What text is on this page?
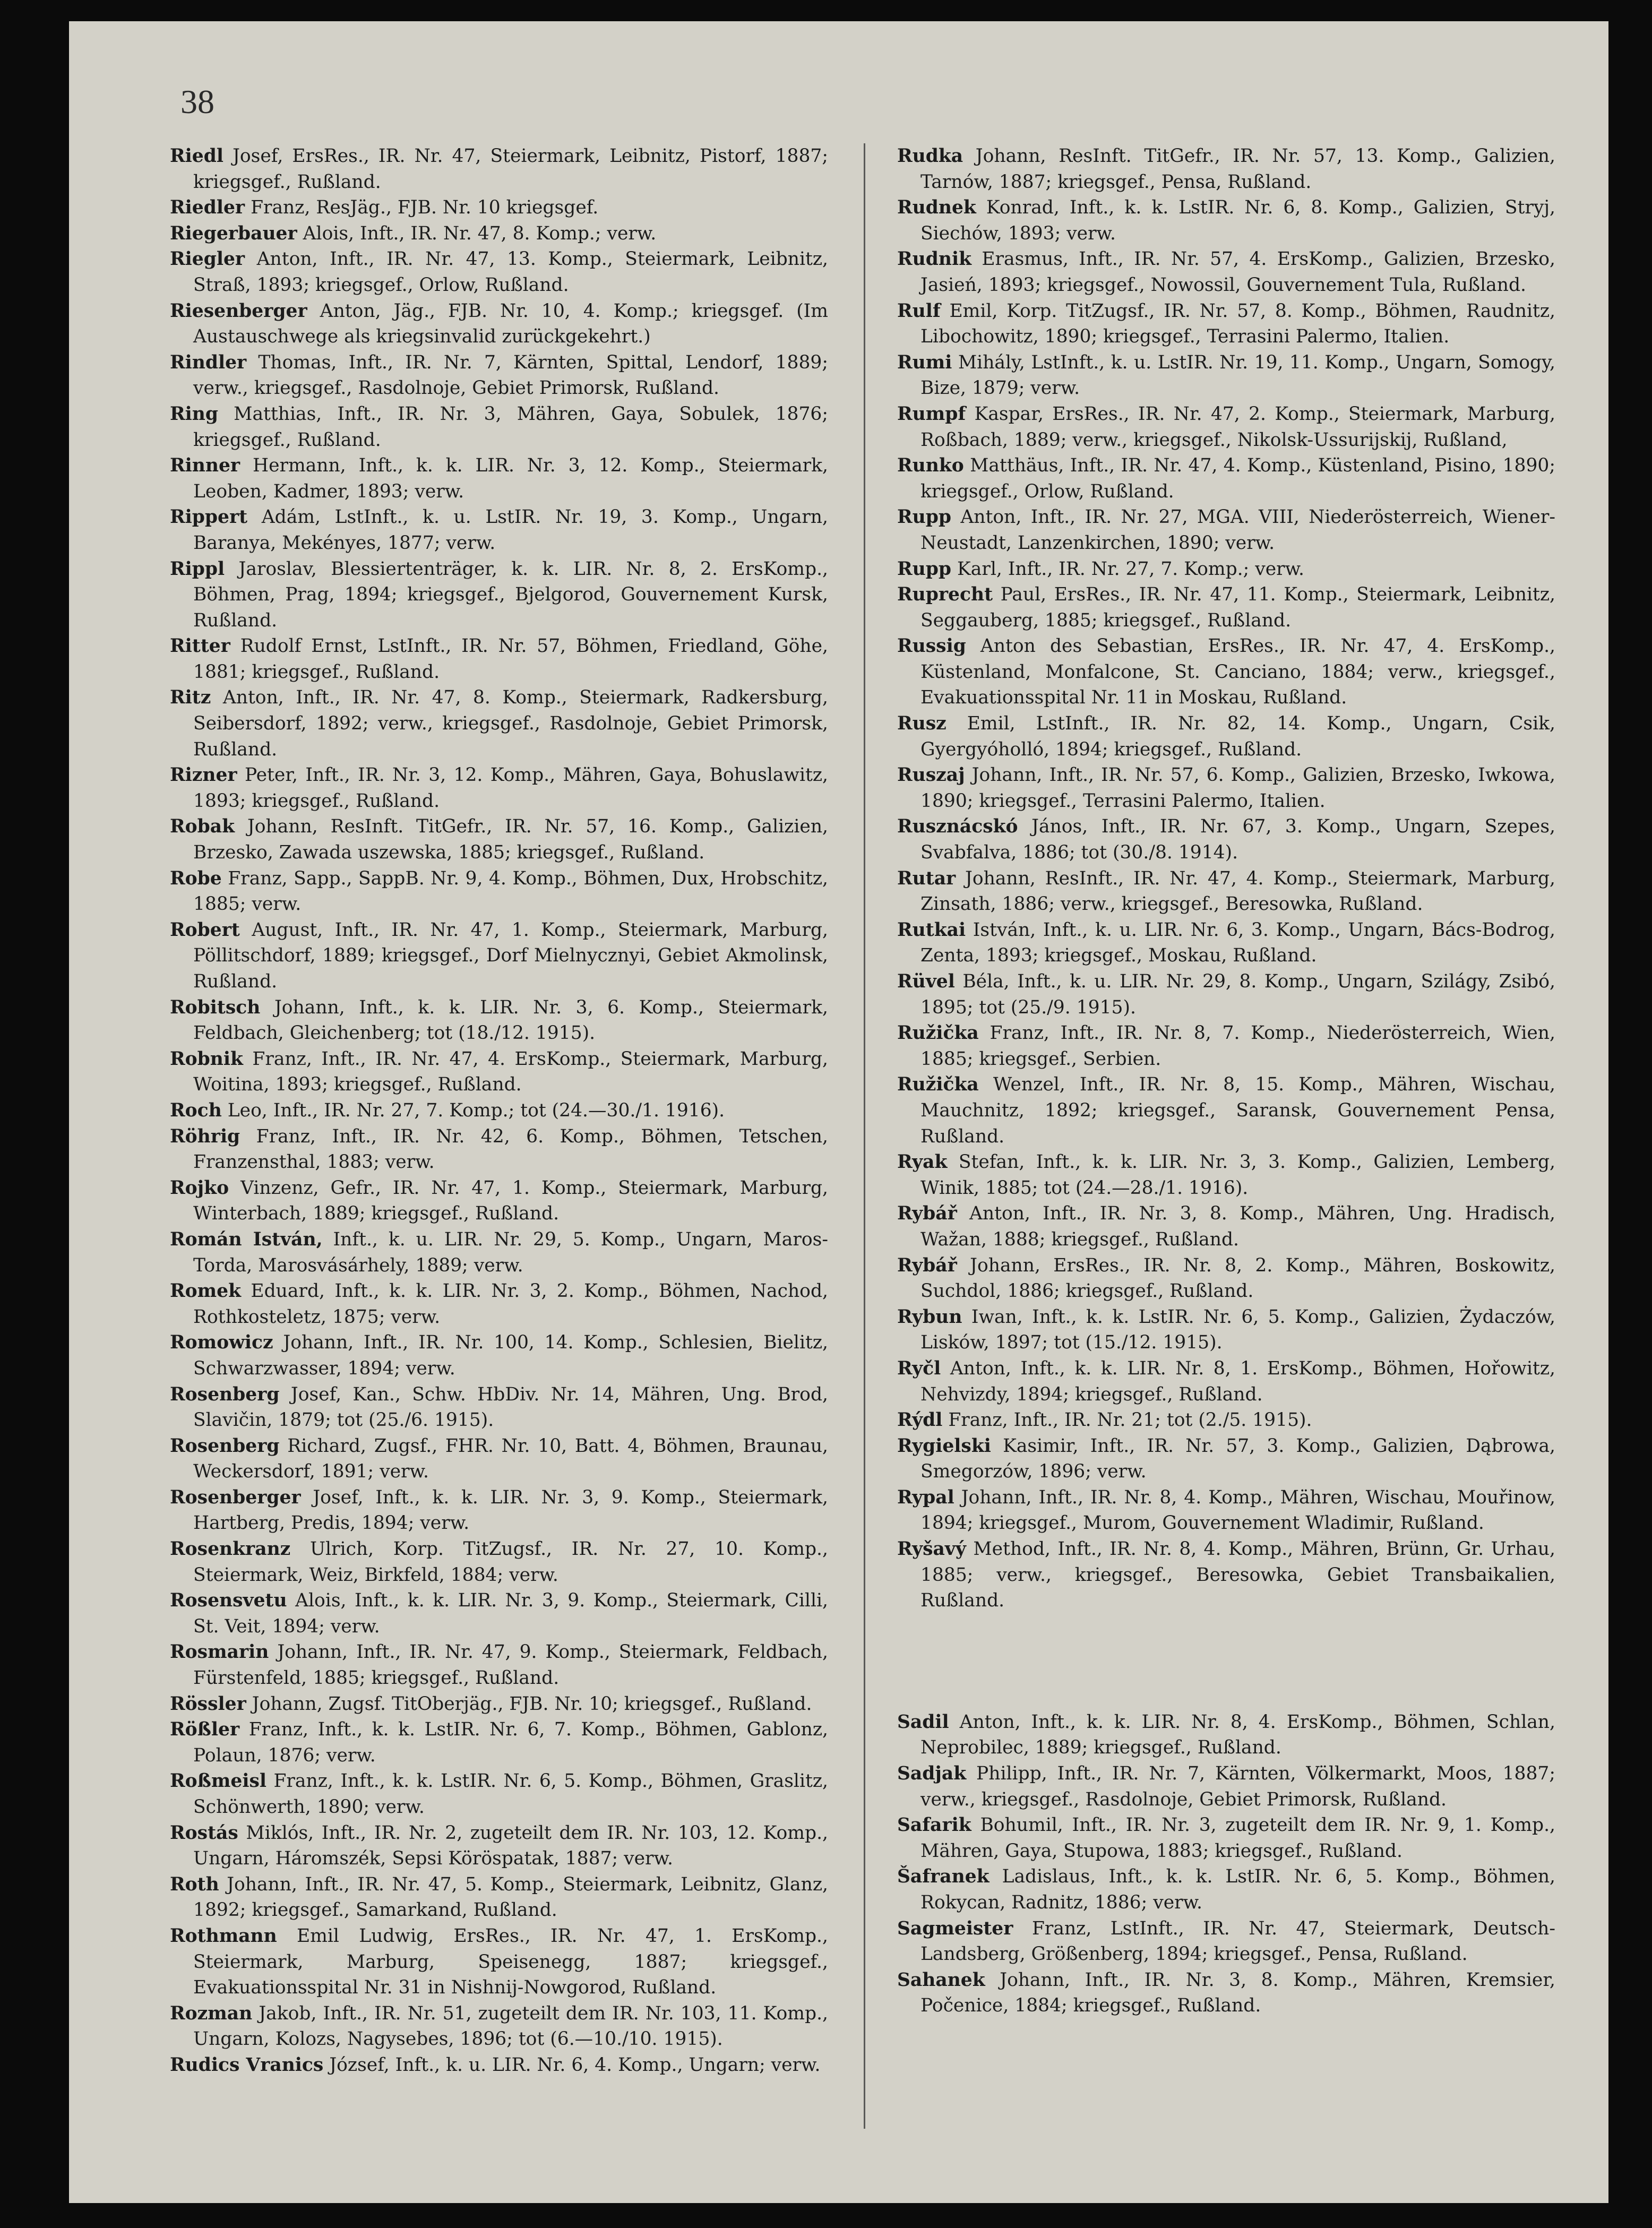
38

Riedl Josef, ErsRes., IR. Nr. 47, Steiermark, Leibnitz, Pistorf, 1887; kriegsgef., Rußland.

Riedler Franz, ResJäg., FJB. Nr. 10 kriegsgef.

Riegerbauer Alois, Inft., IR. Nr. 47, 8. Komp.; verw.

Riegler Anton, Inft., IR. Nr. 47, 13. Komp., Steiermark, Leibnitz, Straß, 1893; kriegsgef., Orlow, Rußland.

Riesenberger Anton, Jäg., FJB. Nr. 10, 4. Komp.; kriegsgef. (Im Austauschwege als kriegsinvalid zurückgekehrt.)

Rindler Thomas, Inft., IR. Nr. 7, Kärnten, Spittal, Lendorf, 1889; verw., kriegsgef., Rasdolnoje, Gebiet Primorsk, Rußland.

Ring Matthias, Inft., IR. Nr. 3, Mähren, Gaya, Sobulek, 1876; kriegsgef., Rußland.

Rinner Hermann, Inft., k. k. LIR. Nr. 3, 12. Komp., Steiermark, Leoben, Kadmer, 1893; verw.

Rippert Adám, LstInft., k. u. LstIR. Nr. 19, 3. Komp., Ungarn, Baranya, Mekényes, 1877; verw.

Rippl Jaroslav, Blessiertenträger, k. k. LIR. Nr. 8, 2. ErsKomp., Böhmen, Prag, 1894; kriegsgef., Bjelgorod, Gouvernement Kursk, Rußland.

Ritter Rudolf Ernst, LstInft., IR. Nr. 57, Böhmen, Friedland, Göhe, 1881; kriegsgef., Rußland.

Ritz Anton, Inft., IR. Nr. 47, 8. Komp., Steiermark, Radkersburg, Seibersdorf, 1892; verw., kriegsgef., Rasdolnoje, Gebiet Primorsk, Rußland.

Rizner Peter, Inft., IR. Nr. 3, 12. Komp., Mähren, Gaya, Bohuslawitz, 1893; kriegsgef., Rußland.

Robak Johann, ResInft. TitGefr., IR. Nr. 57, 16. Komp., Galizien, Brzesko, Zawada uszewska, 1885; kriegsgef., Rußland.

Robe Franz, Sapp., SappB. Nr. 9, 4. Komp., Böhmen, Dux, Hrobschitz, 1885; verw.

Robert August, Inft., IR. Nr. 47, 1. Komp., Steiermark, Marburg, Pöllitschdorf, 1889; kriegsgef., Dorf Mielnycznyi, Gebiet Akmolinsk, Rußland.

Robitsch Johann, Inft., k. k. LIR. Nr. 3, 6. Komp., Steiermark, Feldbach, Gleichenberg; tot (18./12. 1915).

Robnik Franz, Inft., IR. Nr. 47, 4. ErsKomp., Steiermark, Marburg, Woitina, 1893; kriegsgef., Rußland.

Roch Leo, Inft., IR. Nr. 27, 7. Komp.; tot (24.—30./1. 1916).

Röhrig Franz, Inft., IR. Nr. 42, 6. Komp., Böhmen, Tetschen, Franzensthal, 1883; verw.

Rojko Vinzenz, Gefr., IR. Nr. 47, 1. Komp., Steiermark, Marburg, Winterbach, 1889; kriegsgef., Rußland.

Román István, Inft., k. u. LIR. Nr. 29, 5. Komp., Ungarn, Maros-Torda, Marosvásárhely, 1889; verw.

Romek Eduard, Inft., k. k. LIR. Nr. 3, 2. Komp., Böhmen, Nachod, Rothkosteletz, 1875; verw.

Romowicz Johann, Inft., IR. Nr. 100, 14. Komp., Schlesien, Bielitz, Schwarzwasser, 1894; verw.

Rosenberg Josef, Kan., Schw. HbDiv. Nr. 14, Mähren, Ung. Brod, Slavičin, 1879; tot (25./6. 1915).

Rosenberg Richard, Zugsf., FHR. Nr. 10, Batt. 4, Böhmen, Braunau, Weckersdorf, 1891; verw.

Rosenberger Josef, Inft., k. k. LIR. Nr. 3, 9. Komp., Steiermark, Hartberg, Predis, 1894; verw.

Rosenkranz Ulrich, Korp. TitZugsf., IR. Nr. 27, 10. Komp., Steiermark, Weiz, Birkfeld, 1884; verw.

Rosensvetu Alois, Inft., k. k. LIR. Nr. 3, 9. Komp., Steiermark, Cilli, St. Veit, 1894; verw.

Rosmarin Johann, Inft., IR. Nr. 47, 9. Komp., Steiermark, Feldbach, Fürstenfeld, 1885; kriegsgef., Rußland.

Rössler Johann, Zugsf. TitOberjäg., FJB. Nr. 10; kriegsgef., Rußland.

Rößler Franz, Inft., k. k. LstIR. Nr. 6, 7. Komp., Böhmen, Gablonz, Polaun, 1876; verw.

Roßmeisl Franz, Inft., k. k. LstIR. Nr. 6, 5. Komp., Böhmen, Graslitz, Schönwerth, 1890; verw.

Rostás Miklós, Inft., IR. Nr. 2, zugeteilt dem IR. Nr. 103, 12. Komp., Ungarn, Háromszék, Sepsi Köröspatak, 1887; verw.

Roth Johann, Inft., IR. Nr. 47, 5. Komp., Steiermark, Leibnitz, Glanz, 1892; kriegsgef., Samarkand, Rußland.

Rothmann Emil Ludwig, ErsRes., IR. Nr. 47, 1. ErsKomp., Steiermark, Marburg, Speisenegg, 1887; kriegsgef., Evakuationsspital Nr. 31 in Nishnij-Nowgorod, Rußland.

Rozman Jakob, Inft., IR. Nr. 51, zugeteilt dem IR. Nr. 103, 11. Komp., Ungarn, Kolozs, Nagysebes, 1896; tot (6.—10./10. 1915).

Rudics Vranics József, Inft., k. u. LIR. Nr. 6, 4. Komp., Ungarn; verw.

Rudka Johann, ResInft. TitGefr., IR. Nr. 57, 13. Komp., Galizien, Tarnów, 1887; kriegsgef., Pensa, Rußland.

Rudnek Konrad, Inft., k. k. LstIR. Nr. 6, 8. Komp., Galizien, Stryj, Siechów, 1893; verw.

Rudnik Erasmus, Inft., IR. Nr. 57, 4. ErsKomp., Galizien, Brzesko, Jasień, 1893; kriegsgef., Nowossil, Gouvernement Tula, Rußland.

Rulf Emil, Korp. TitZugsf., IR. Nr. 57, 8. Komp., Böhmen, Raudnitz, Libochowitz, 1890; kriegsgef., Terrasini Palermo, Italien.

Rumi Mihály, LstInft., k. u. LstIR. Nr. 19, 11. Komp., Ungarn, Somogy, Bize, 1879; verw.

Rumpf Kaspar, ErsRes., IR. Nr. 47, 2. Komp., Steiermark, Marburg, Roßbach, 1889; verw., kriegsgef., Nikolsk-Ussurijskij, Rußland,

Runko Matthäus, Inft., IR. Nr. 47, 4. Komp., Küstenland, Pisino, 1890; kriegsgef., Orlow, Rußland.

Rupp Anton, Inft., IR. Nr. 27, MGA. VIII, Niederösterreich, Wiener-Neustadt, Lanzenkirchen, 1890; verw.

Rupp Karl, Inft., IR. Nr. 27, 7. Komp.; verw.

Ruprecht Paul, ErsRes., IR. Nr. 47, 11. Komp., Steiermark, Leibnitz, Seggauberg, 1885; kriegsgef., Rußland.

Russig Anton des Sebastian, ErsRes., IR. Nr. 47, 4. ErsKomp., Küstenland, Monfalcone, St. Canciano, 1884; verw., kriegsgef., Evakuationsspital Nr. 11 in Moskau, Rußland.

Rusz Emil, LstInft., IR. Nr. 82, 14. Komp., Ungarn, Csik, Gyergyóholló, 1894; kriegsgef., Rußland.

Ruszaj Johann, Inft., IR. Nr. 57, 6. Komp., Galizien, Brzesko, Iwkowa, 1890; kriegsgef., Terrasini Palermo, Italien.

Rusznácskó János, Inft., IR. Nr. 67, 3. Komp., Ungarn, Szepes, Svabfalva, 1886; tot (30./8. 1914).

Rutar Johann, ResInft., IR. Nr. 47, 4. Komp., Steiermark, Marburg, Zinsath, 1886; verw., kriegsgef., Beresowka, Rußland.

Rutkai István, Inft., k. u. LIR. Nr. 6, 3. Komp., Ungarn, Bács-Bodrog, Zenta, 1893; kriegsgef., Moskau, Rußland.

Rüvel Béla, Inft., k. u. LIR. Nr. 29, 8. Komp., Ungarn, Szilágy, Zsibó, 1895; tot (25./9. 1915).

Ružička Franz, Inft., IR. Nr. 8, 7. Komp., Niederösterreich, Wien, 1885; kriegsgef., Serbien.

Ružička Wenzel, Inft., IR. Nr. 8, 15. Komp., Mähren, Wischau, Mauchnitz, 1892; kriegsgef., Saransk, Gouvernement Pensa, Rußland.

Ryak Stefan, Inft., k. k. LIR. Nr. 3, 3. Komp., Galizien, Lemberg, Winik, 1885; tot (24.—28./1. 1916).

Rybář Anton, Inft., IR. Nr. 3, 8. Komp., Mähren, Ung. Hradisch, Wažan, 1888; kriegsgef., Rußland.

Rybář Johann, ErsRes., IR. Nr. 8, 2. Komp., Mähren, Boskowitz, Suchdol, 1886; kriegsgef., Rußland.

Rybun Iwan, Inft., k. k. LstIR. Nr. 6, 5. Komp., Galizien, Żydaczów, Lisków, 1897; tot (15./12. 1915).

Ryčl Anton, Inft., k. k. LIR. Nr. 8, 1. ErsKomp., Böhmen, Hořowitz, Nehvizdy, 1894; kriegsgef., Rußland.

Rýdl Franz, Inft., IR. Nr. 21; tot (2./5. 1915).

Rygielski Kasimir, Inft., IR. Nr. 57, 3. Komp., Galizien, Dąbrowa, Smegorzów, 1896; verw.

Rypal Johann, Inft., IR. Nr. 8, 4. Komp., Mähren, Wischau, Mouřinow, 1894; kriegsgef., Murom, Gouvernement Wladimir, Rußland.

Ryšavý Method, Inft., IR. Nr. 8, 4. Komp., Mähren, Brünn, Gr. Urhau, 1885; verw., kriegsgef., Beresowka, Gebiet Transbaikalien, Rußland.

Sadil Anton, Inft., k. k. LIR. Nr. 8, 4. ErsKomp., Böhmen, Schlan, Neprobilec, 1889; kriegsgef., Rußland.

Sadjak Philipp, Inft., IR. Nr. 7, Kärnten, Völkermarkt, Moos, 1887; verw., kriegsgef., Rasdolnoje, Gebiet Primorsk, Rußland.

Safarik Bohumil, Inft., IR. Nr. 3, zugeteilt dem IR. Nr. 9, 1. Komp., Mähren, Gaya, Stupowa, 1883; kriegsgef., Rußland.

Šafranek Ladislaus, Inft., k. k. LstIR. Nr. 6, 5. Komp., Böhmen, Rokycan, Radnitz, 1886; verw.

Sagmeister Franz, LstInft., IR. Nr. 47, Steiermark, Deutsch-Landsberg, Größenberg, 1894; kriegsgef., Pensa, Rußland.

Sahanek Johann, Inft., IR. Nr. 3, 8. Komp., Mähren, Kremsier, Počenice, 1884; kriegsgef., Rußland.
